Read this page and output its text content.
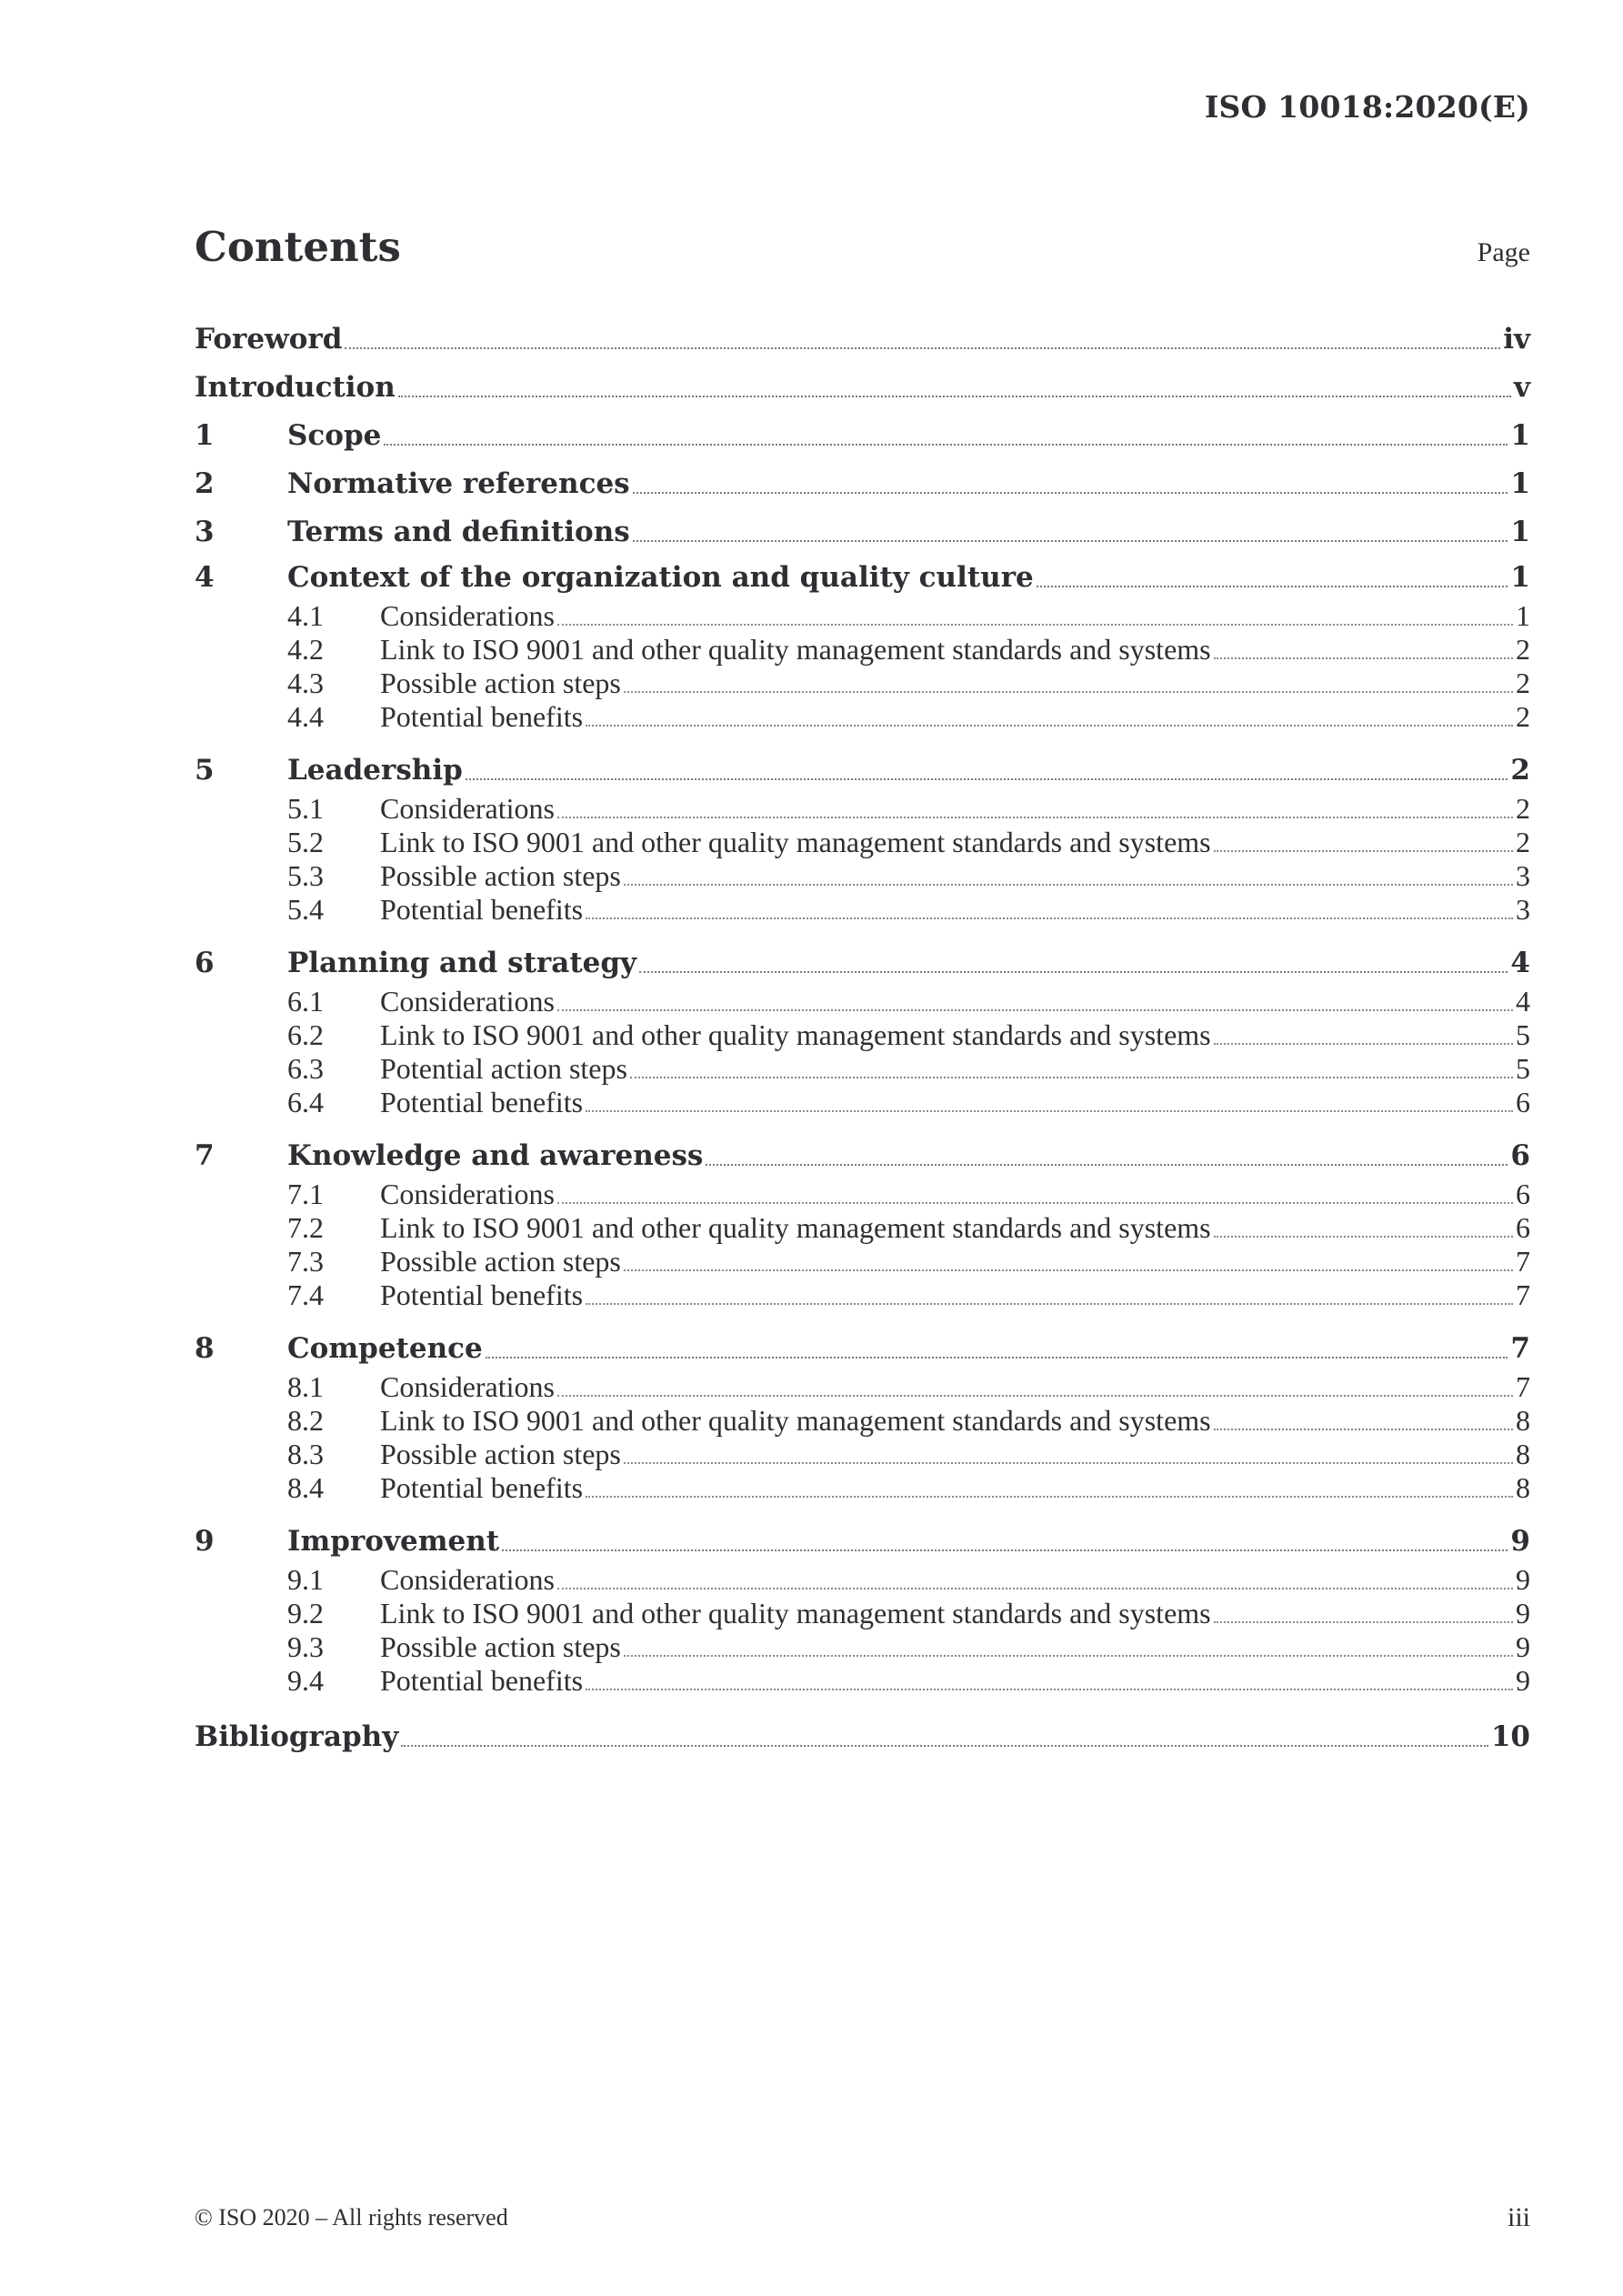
ISO 10018:2020(E)
Contents	Page
Foreword	iv
Introduction	v
1	Scope	1
2	Normative references	1
3	Terms and definitions	1
4	Context of the organization and quality culture	1
4.1	Considerations	1
4.2	Link to ISO 9001 and other quality management standards and systems	2
4.3	Possible action steps	2
4.4	Potential benefits	2
5	Leadership	2
5.1	Considerations	2
5.2	Link to ISO 9001 and other quality management standards and systems	2
5.3	Possible action steps	3
5.4	Potential benefits	3
6	Planning and strategy	4
6.1	Considerations	4
6.2	Link to ISO 9001 and other quality management standards and systems	5
6.3	Potential action steps	5
6.4	Potential benefits	6
7	Knowledge and awareness	6
7.1	Considerations	6
7.2	Link to ISO 9001 and other quality management standards and systems	6
7.3	Possible action steps	7
7.4	Potential benefits	7
8	Competence	7
8.1	Considerations	7
8.2	Link to ISO 9001 and other quality management standards and systems	8
8.3	Possible action steps	8
8.4	Potential benefits	8
9	Improvement	9
9.1	Considerations	9
9.2	Link to ISO 9001 and other quality management standards and systems	9
9.3	Possible action steps	9
9.4	Potential benefits	9
Bibliography	10
© ISO 2020 – All rights reserved	iii
